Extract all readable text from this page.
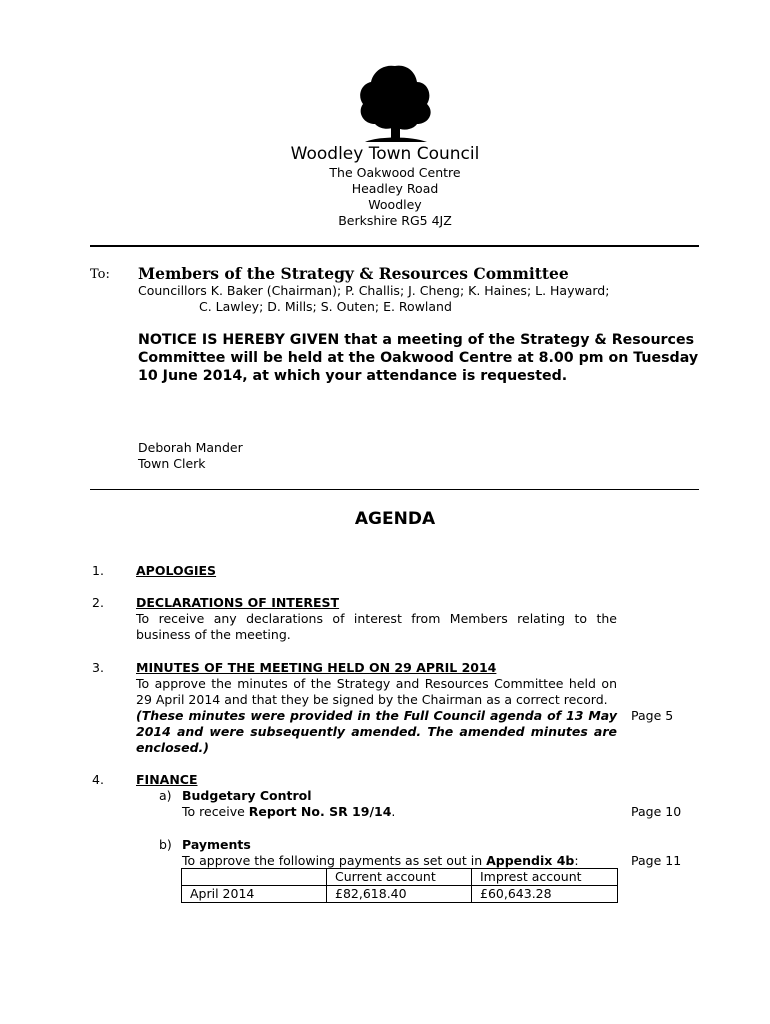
19 74
Woodley Town Council
The Oakwood Centre
Headley Road
Woodley
Berkshire RG5 4JZ
To: Members of the Strategy & Resources Committee
Councillors K. Baker (Chairman); P. Challis; J. Cheng; K. Haines; L. Hayward;
C. Lawley; D. Mills; S. Outen; E. Rowland
NOTICE IS HEREBY GIVEN that a meeting of the Strategy & Resources Committee will be held at the Oakwood Centre at 8.00 pm on Tuesday 10 June 2014, at which your attendance is requested.
Deborah Mander
Town Clerk
AGENDA
1.	APOLOGIES
2.	DECLARATIONS OF INTEREST
To receive any declarations of interest from Members relating to the business of the meeting.
3.	MINUTES OF THE MEETING HELD ON 29 APRIL 2014
To approve the minutes of the Strategy and Resources Committee held on 29 April 2014 and that they be signed by the Chairman as a correct record.
(These minutes were provided in the Full Council agenda of 13 May 2014 and were subsequently amended. The amended minutes are enclosed.)
Page 5
4.	FINANCE
a) Budgetary Control
To receive Report No. SR 19/14.	Page 10
b) Payments
To approve the following payments as set out in Appendix 4b:	Page 11
	Current account	Imprest account
April 2014	£82,618.40	£60,643.28
